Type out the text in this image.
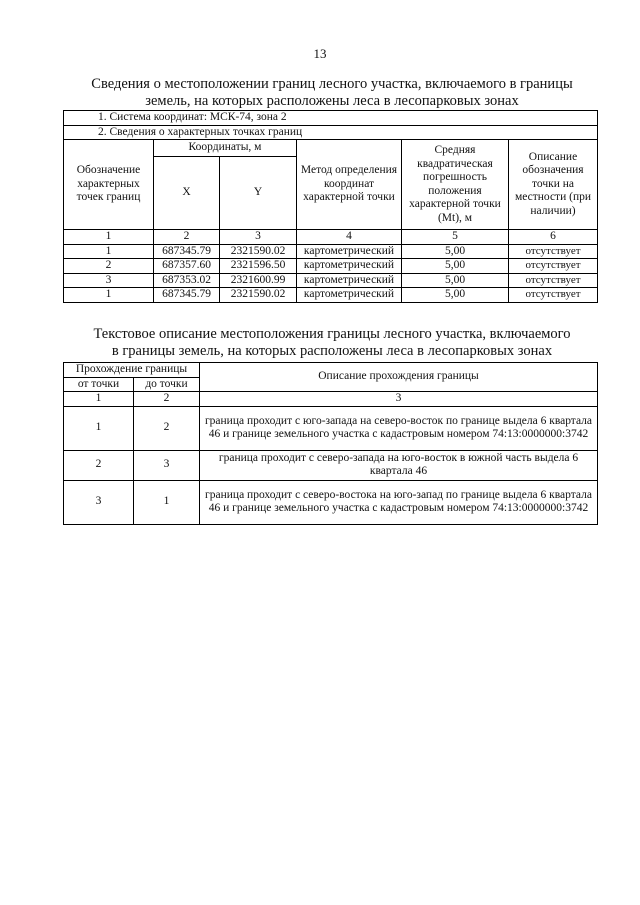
13
Сведения о местоположении границ лесного участка, включаемого в границы
земель, на которых расположены леса в лесопарковых зонах
1. Система координат: МСК-74, зона 2					
2. Сведения о характерных точках границ					
Обозначение характерных точек границ	Координаты, м		Метод определения координат характерной точки	Средняя квадратическая погрешность положения характерной точки (Mt), м	Описание обозначения точки на местности (при наличии)
	X	Y			
1	2	3	4	5	6
1	687345.79	2321590.02	картометрический	5,00	отсутствует
2	687357.60	2321596.50	картометрический	5,00	отсутствует
3	687353.02	2321600.99	картометрический	5,00	отсутствует
1	687345.79	2321590.02	картометрический	5,00	отсутствует
Текстовое описание местоположения границы лесного участка, включаемого
в границы земель, на которых расположены леса в лесопарковых зонах
Прохождение границы		Описание прохождения границы
от точки	до точки	
1	2	3
1	2	граница проходит с юго-запада на северо-восток по границе выдела 6 квартала 46 и границе земельного участка с кадастровым номером 74:13:0000000:3742
2	3	граница проходит с северо-запада на юго-восток в южной часть выдела 6 квартала 46
3	1	граница проходит с северо-востока на юго-запад по границе выдела 6 квартала 46 и границе земельного участка с кадастровым номером 74:13:0000000:3742
